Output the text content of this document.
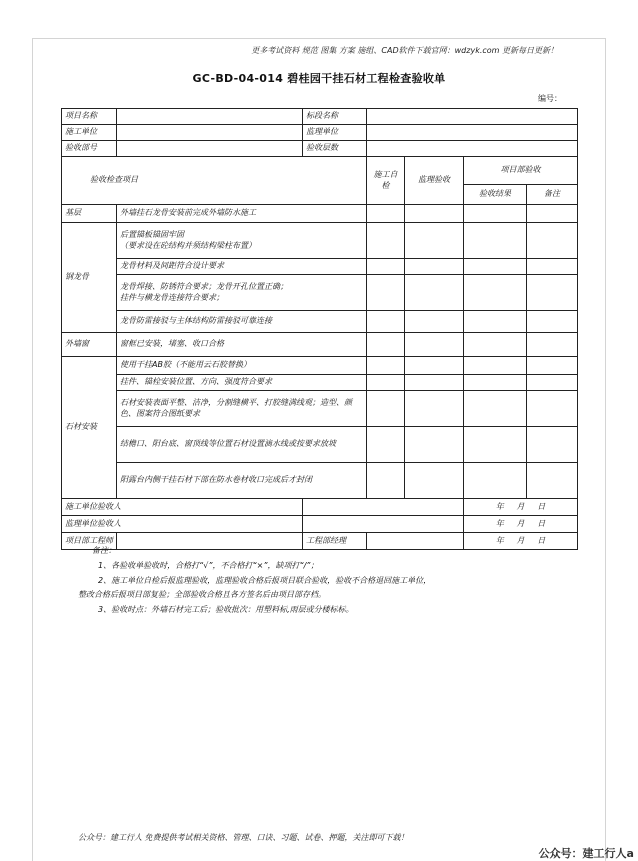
更多考试资料 规范 图集 方案 施组、CAD软件下载官网：wdzyk.com 更新每日更新！
GC-BD-04-014 碧桂园干挂石材工程检查验收单
编号：
项目名称		标段名称				
施工单位		监理单位				
验收部号		验收层数				
验收检查项目			施工自检	监理验收	项目部验收	
					验收结果	备注
基层	外墙挂石龙骨安装前完成外墙防水施工					
钢龙骨	后置锚板锚固牢固
（要求设在砼结构并须结构梁柱布置）					
	龙骨材料及间距符合设计要求					
	龙骨焊接、防锈符合要求；龙骨开孔位置正确；
挂件与横龙骨连接符合要求；					
	龙骨防雷接驳与主体结构防雷接驳可靠连接					
外墙窗	窗框已安装，堵塞、收口合格					
石材安装	使用干挂AB胶（不能用云石胶替换）					
	挂件、锚栓安装位置、方向、强度符合要求					
	石材安装表面平整、洁净，分割缝横平、打胶缝满线观；造型、颜色、图案符合图纸要求					
	结檐口、阳台底、窗顶线等位置石材设置滴水线或按要求放坡					
	阳露台内侧干挂石材下部在防水卷材收口完成后才封闭					
施工单位验收人					年 月 日	
监理单位验收人					年 月 日	
项目部工程师		工程部经理			年 月 日	

备注：

1、各验收单验收时，合格打“√”，不合格打“×”，缺项打“/”；

2、施工单位自检后报监理验收，监理验收合格后报项目联合验收，验收不合格退回施工单位，

整改合格后报项目部复验；全部验收合格且各方签名后由项目部存档。

3、验收时点：外墙石材完工后；验收批次：用塑料标,雨层或分楼标标。

公众号：建工行人 免费提供考试相关资格、管理、口诀、习题、试卷、押题，关注即可下载！
公众号：建工行人a
